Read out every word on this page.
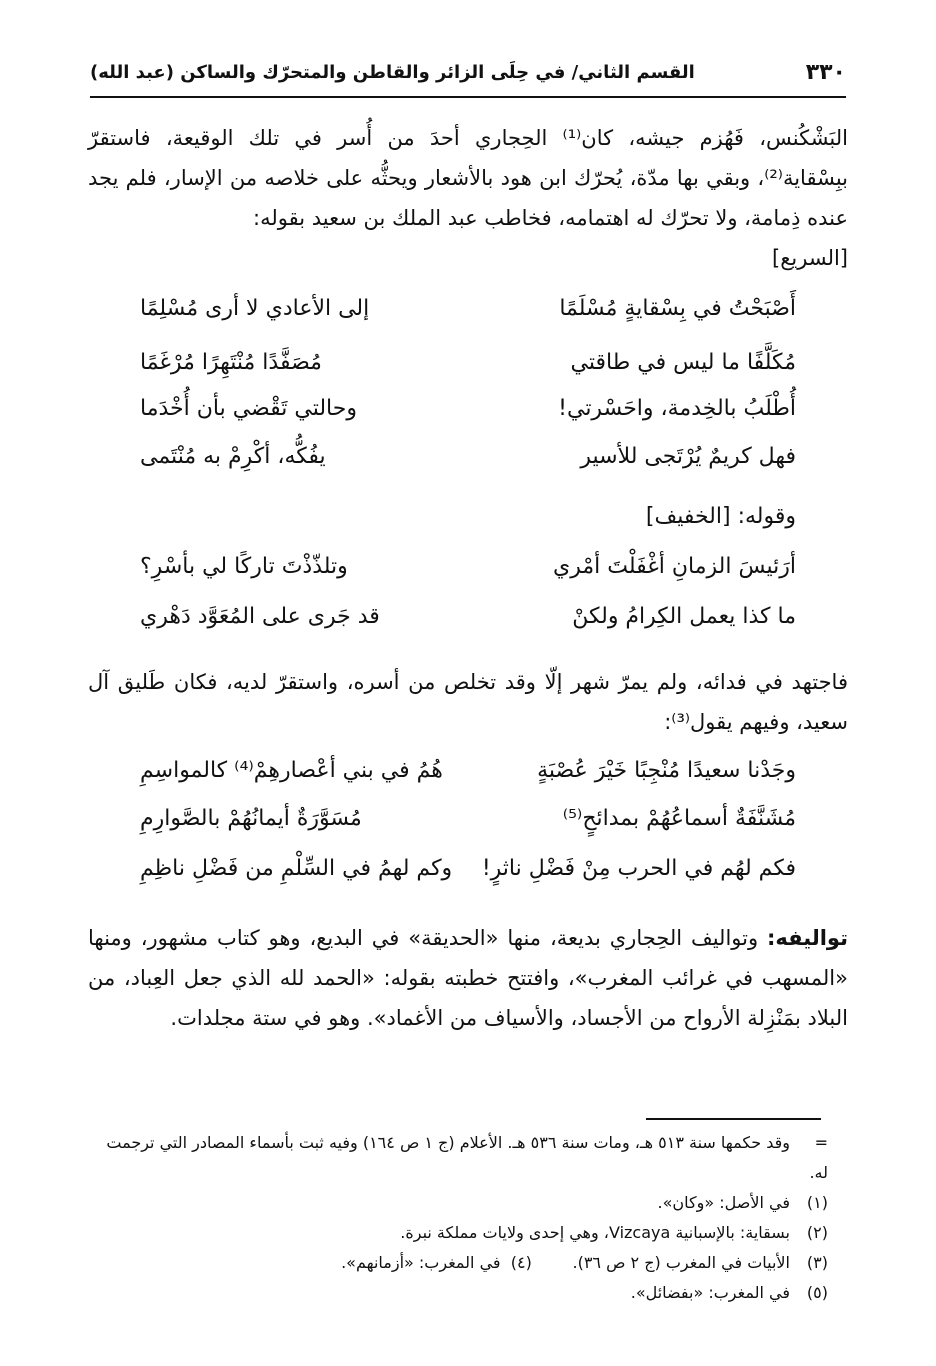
٣٣٠
القسم الثاني/ في حِلَى الزائر والقاطن والمتحرّك والساكن (عبد الله)

البَشْكُنس، فَهُزم جيشه، كان⁽¹⁾ الحِجاري أحدَ من أُسر في تلك الوقيعة، فاستقرّ ببِسْقاية⁽²⁾، وبقي بها مدّة، يُحرّك ابن هود بالأشعار ويحثُّه على خلاصه من الإسار، فلم يجد عنده ذِمامة، ولا تحرّك له اهتمامه، فخاطب عبد الملك بن سعيد بقوله:

[السريع]
أَصْبَحْتُ في بِسْقايةٍ مُسْلَمًا
إلى الأعادي لا أرى مُسْلِمًا
مُكَلَّفًا ما ليس في طاقتي
مُصَفَّدًا مُنْتَهِرًا مُرْغَمًا
أُطْلَبُ بالخِدمة، واحَسْرتي!
وحالتي تَقْضي بأن أُخْدَما
فهل كريمٌ يُرْتَجى للأسير
يفُكُّه، أكْرِمْ به مُنْتَمى
وقوله: [الخفيف]
أرَئيسَ الزمانِ أغْفَلْتَ أمْري
وتلذّذْتَ تاركًا لي بأسْرِ؟
ما كذا يعمل الكِرامُ ولكنْ
قد جَرى على المُعَوَّد دَهْري

فاجتهد في فدائه، ولم يمرّ شهر إلّا وقد تخلص من أسره، واستقرّ لديه، فكان طَليق آل سعيد، وفيهم يقول⁽³⁾:

وجَدْنا سعيدًا مُنْجِبًا خَيْرَ عُصْبَةٍ
هُمُ في بني أعْصارهِمْ⁽⁴⁾ كالمواسِمِ
مُشَنَّفَةٌ أسماعُهُمْ بمدائحٍ⁽⁵⁾
مُسَوَّرَةٌ أيمانُهُمْ بالصَّوارِمِ
فكم لهُم في الحرب مِنْ فَضْلِ ناثرٍ!
وكم لهمُ في السِّلْمِ من فَضْلِ ناظِمِ

تواليفه: وتواليف الحِجاري بديعة، منها «الحديقة» في البديع، وهو كتاب مشهور، ومنها «المسهب في غرائب المغرب»، وافتتح خطبته بقوله: «الحمد لله الذي جعل العِباد، من البلاد بمَنْزِلة الأرواح من الأجساد، والأسياف من الأغماد». وهو في ستة مجلدات.

=وقد حكمها سنة ٥١٣ هـ، ومات سنة ٥٣٦ هـ. الأعلام (ج ١ ص ١٦٤) وفيه ثبت بأسماء المصادر التي ترجمت له.

(١)في الأصل: «وكان».

(٢)بسقاية: بالإسبانية Vizcaya، وهي إحدى ولايات مملكة نبرة.

(٣)الأبيات في المغرب (ج ٢ ص ٣٦).        (٤)  في المغرب: «أزمانهم».

(٥)في المغرب: «بفضائل».
